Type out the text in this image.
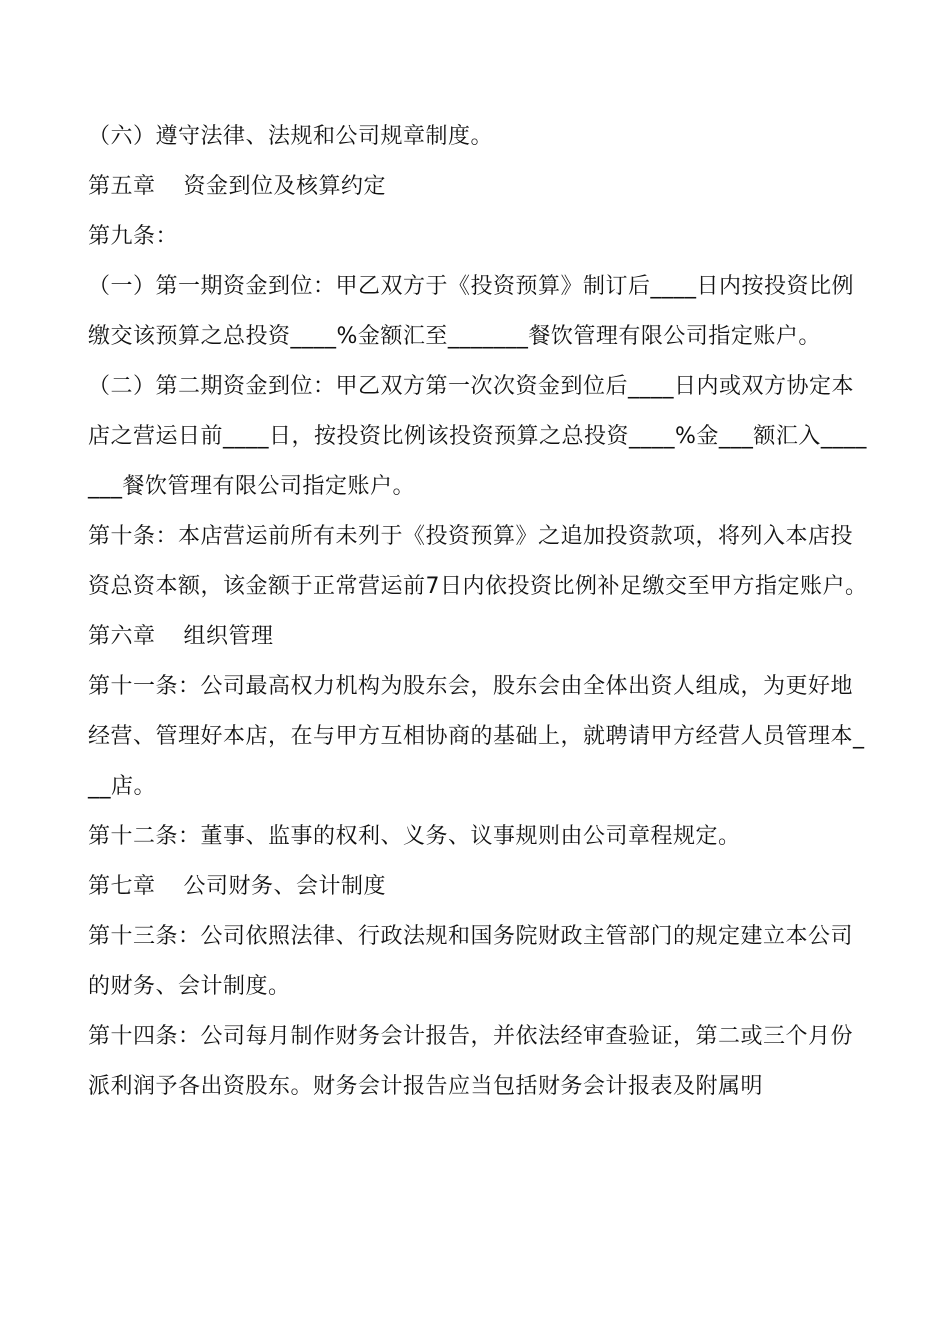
（六）遵守法律、法规和公司规章制度。

第五章 资金到位及核算约定

第九条：

（一）第一期资金到位：甲乙双方于《投资预算》制订后____日内按投资比例缴交该预算之总投资____%金额汇至_______餐饮管理有限公司指定账户。

（二）第二期资金到位：甲乙双方第一次次资金到位后____日内或双方协定本店之营运日前____日，按投资比例该投资预算之总投资____%金___额汇入_______餐饮管理有限公司指定账户。

第十条：本店营运前所有未列于《投资预算》之追加投资款项，将列入本店投资总资本额，该金额于正常营运前7日内依投资比例补足缴交至甲方指定账户。

第六章 组织管理

第十一条：公司最高权力机构为股东会，股东会由全体出资人组成，为更好地经营、管理好本店，在与甲方互相协商的基础上，就聘请甲方经营人员管理本___店。

第十二条：董事、监事的权利、义务、议事规则由公司章程规定。

第七章 公司财务、会计制度

第十三条：公司依照法律、行政法规和国务院财政主管部门的规定建立本公司的财务、会计制度。

第十四条：公司每月制作财务会计报告，并依法经审查验证，第二或三个月份派利润予各出资股东。财务会计报告应当包括财务会计报表及附属明
